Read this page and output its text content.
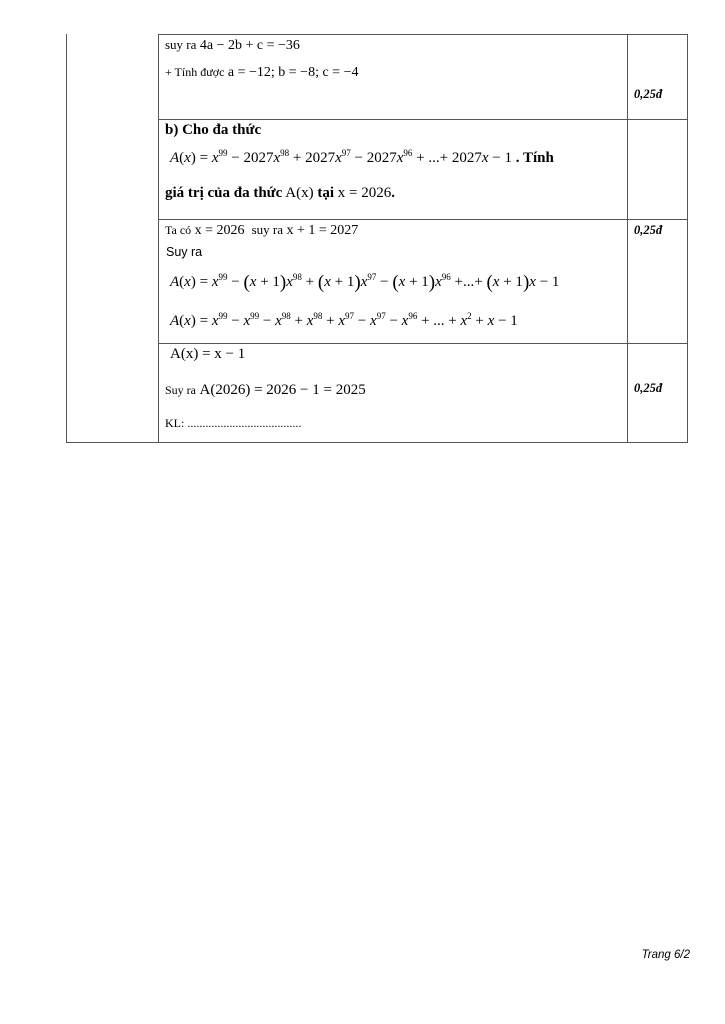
suy ra 4a − 2b + c = −36
+ Tính được a = −12; b = −8; c = −4
0,25đ
b) Cho đa thức
$A(x) = x^{99} - 2027x^{98} + 2027x^{97} - 2027x^{96}$ + ...+ 2027x − 1 . Tính
giá trị của đa thức A(x) tại x = 2026.
Ta có x = 2026 suy ra x + 1 = 2027
Suy ra
$A(x) = x^{99} - (x + 1)x^{98} + (x + 1)x^{97} - (x + 1)x^{96}$ +...+ (x + 1)x − 1
$A(x) = x^{99} - x^{99} - x^{98} + x^{98} + x^{97} - x^{97} - x^{96}$ + ... + $x^2 + x - 1$
0,25đ
A(x) = x − 1
Suy ra A(2026) = 2026 − 1 = 2025
KL: ......................................
0,25đ
Trang 6/2
